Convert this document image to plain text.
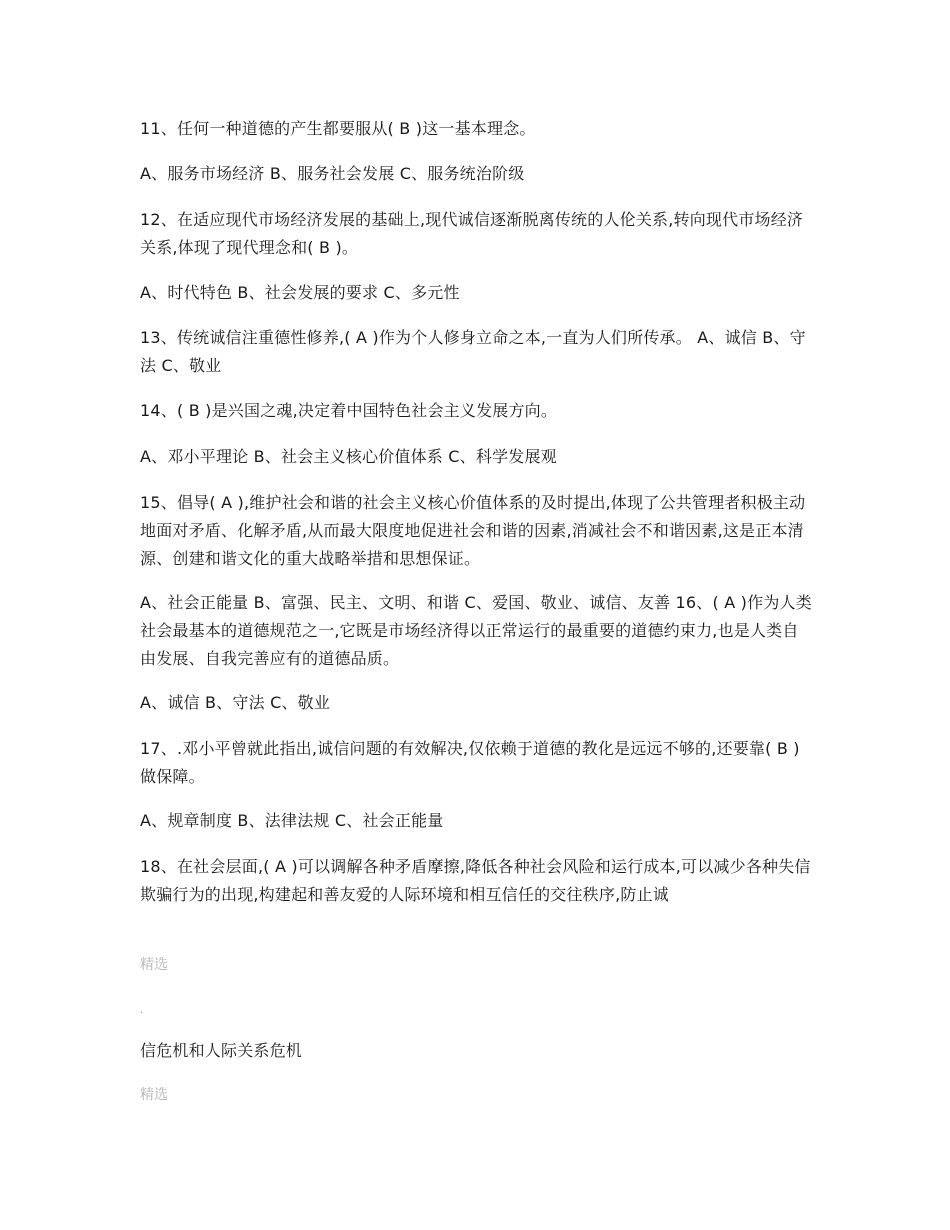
11、任何一种道德的产生都要服从( B )这一基本理念。

A、服务市场经济 B、服务社会发展 C、服务统治阶级

12、在适应现代市场经济发展的基础上,现代诚信逐渐脱离传统的人伦关系,转向现代市场经济关系,体现了现代理念和( B )。

A、时代特色 B、社会发展的要求 C、多元性

13、传统诚信注重德性修养,( A )作为个人修身立命之本,一直为人们所传承。 A、诚信 B、守法 C、敬业

14、( B )是兴国之魂,决定着中国特色社会主义发展方向。

A、邓小平理论 B、社会主义核心价值体系 C、科学发展观

15、倡导( A ),维护社会和谐的社会主义核心价值体系的及时提出,体现了公共管理者积极主动地面对矛盾、化解矛盾,从而最大限度地促进社会和谐的因素,消减社会不和谐因素,这是正本清源、创建和谐文化的重大战略举措和思想保证。

A、社会正能量 B、富强、民主、文明、和谐 C、爱国、敬业、诚信、友善 16、( A )作为人类社会最基本的道德规范之一,它既是市场经济得以正常运行的最重要的道德约束力,也是人类自由发展、自我完善应有的道德品质。

A、诚信 B、守法 C、敬业

17、.邓小平曾就此指出,诚信问题的有效解决,仅依赖于道德的教化是远远不够的,还要靠( B )做保障。

A、规章制度 B、法律法规 C、社会正能量

18、在社会层面,( A )可以调解各种矛盾摩擦,降低各种社会风险和运行成本,可以减少各种失信欺骗行为的出现,构建起和善友爱的人际环境和相互信任的交往秩序,防止诚

精选
.

信危机和人际关系危机

精选
